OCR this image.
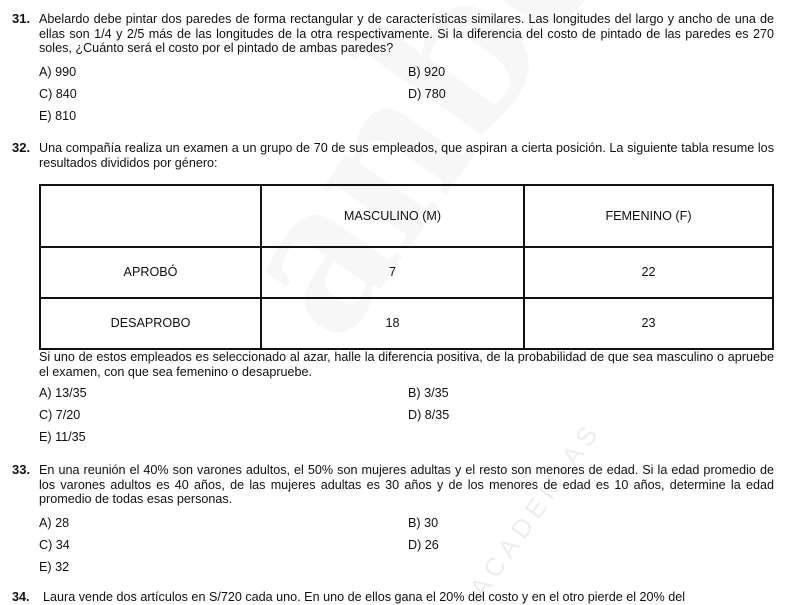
ACADEMIAS
31. Abelardo debe pintar dos paredes de forma rectangular y de características similares. Las longitudes del largo y ancho de una de ellas son 1/4 y 2/5 más de las longitudes de la otra respectivamente. Si la diferencia del costo de pintado de las paredes es 270 soles, ¿Cuánto será el costo por el pintado de ambas paredes?
A) 990	B) 920
C) 840	D) 780
E) 810
32. Una compañía realiza un examen a un grupo de 70 de sus empleados, que aspiran a cierta posición. La siguiente tabla resume los resultados divididos por género:
	MASCULINO (M)	FEMENINO (F)
APROBÓ	7	22
DESAPROBO	18	23
Si uno de estos empleados es seleccionado al azar, halle la diferencia positiva, de la probabilidad de que sea masculino o apruebe el examen, con que sea femenino o desapruebe.
A) 13/35	B) 3/35
C) 7/20	D) 8/35
E) 11/35
33. En una reunión el 40% son varones adultos, el 50% son mujeres adultas y el resto son menores de edad. Si la edad promedio de los varones adultos es 40 años, de las mujeres adultas es 30 años y de los menores de edad es 10 años, determine la edad promedio de todas esas personas.
A) 28	B) 30
C) 34	D) 26
E) 32
34. Laura vende dos artículos en S/720 cada uno. En uno de ellos gana el 20% del costo y en el otro pierde el 20% del
